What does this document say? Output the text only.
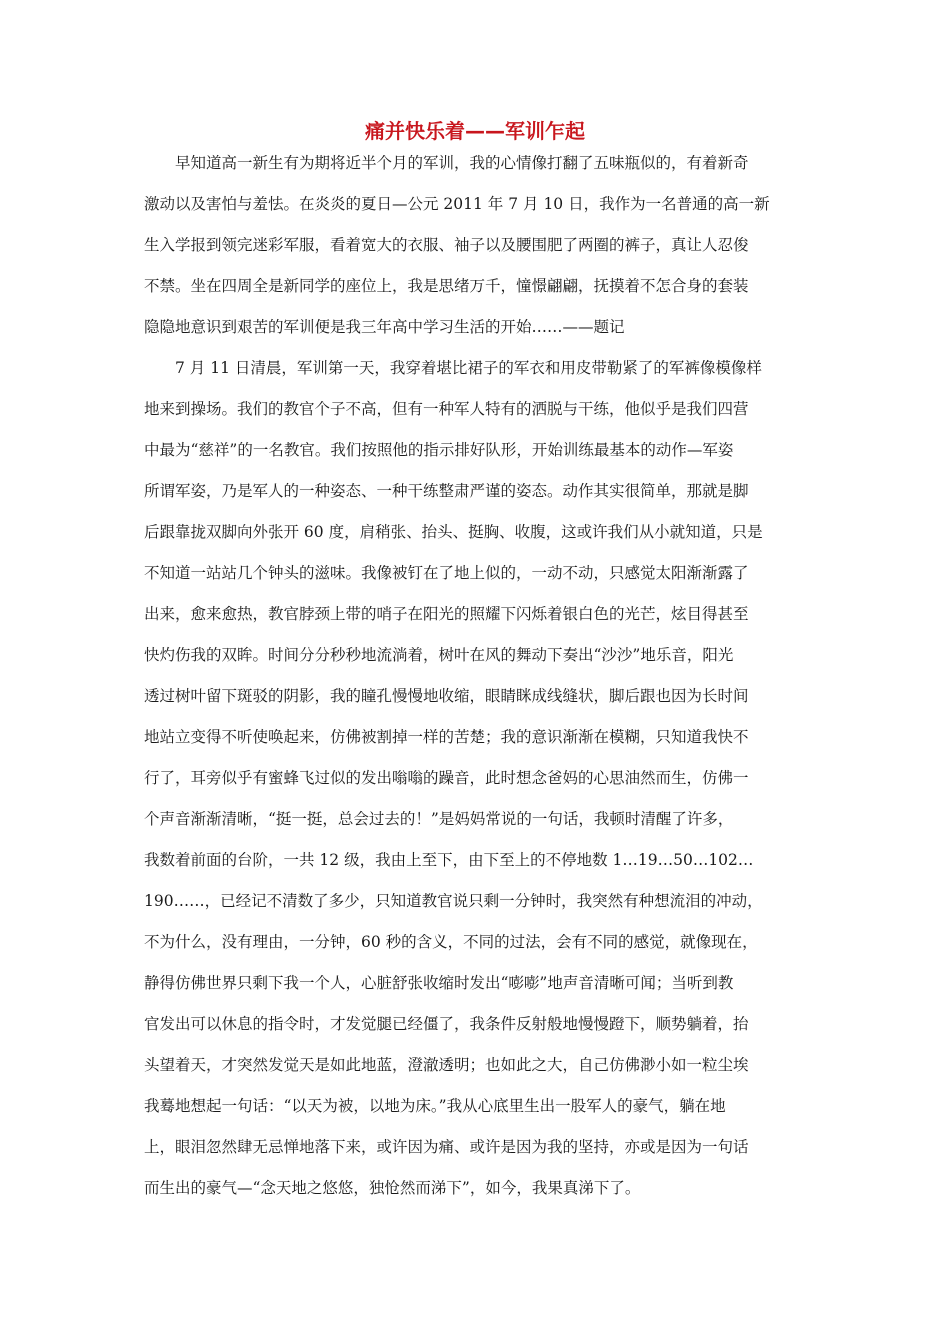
痛并快乐着——军训乍起
早知道高一新生有为期将近半个月的军训，我的心情像打翻了五味瓶似的，有着新奇
激动以及害怕与羞怯。在炎炎的夏日—公元 2011 年 7 月 10 日，我作为一名普通的高一新
生入学报到领完迷彩军服，看着宽大的衣服、袖子以及腰围肥了两圈的裤子，真让人忍俊
不禁。坐在四周全是新同学的座位上，我是思绪万千，憧憬翩翩，抚摸着不怎合身的套装
隐隐地意识到艰苦的军训便是我三年高中学习生活的开始……——题记
7 月 11 日清晨，军训第一天，我穿着堪比裙子的军衣和用皮带勒紧了的军裤像模像样
地来到操场。我们的教官个子不高，但有一种军人特有的洒脱与干练，他似乎是我们四营
中最为“慈祥”的一名教官。我们按照他的指示排好队形，开始训练最基本的动作—军姿
所谓军姿，乃是军人的一种姿态、一种干练整肃严谨的姿态。动作其实很简单，那就是脚
后跟靠拢双脚向外张开 60 度，肩稍张、抬头、挺胸、收腹，这或许我们从小就知道，只是
不知道一站站几个钟头的滋味。我像被钉在了地上似的，一动不动，只感觉太阳渐渐露了
出来，愈来愈热，教官脖颈上带的哨子在阳光的照耀下闪烁着银白色的光芒，炫目得甚至
快灼伤我的双眸。时间分分秒秒地流淌着，树叶在风的舞动下奏出“沙沙”地乐音，阳光
透过树叶留下斑驳的阴影，我的瞳孔慢慢地收缩，眼睛眯成线缝状，脚后跟也因为长时间
地站立变得不听使唤起来，仿佛被割掉一样的苦楚；我的意识渐渐在模糊，只知道我快不
行了，耳旁似乎有蜜蜂飞过似的发出嗡嗡的躁音，此时想念爸妈的心思油然而生，仿佛一
个声音渐渐清晰，“挺一挺，总会过去的！”是妈妈常说的一句话，我顿时清醒了许多，
我数着前面的台阶，一共 12 级，我由上至下，由下至上的不停地数 1…19…50…102…
190……，已经记不清数了多少，只知道教官说只剩一分钟时，我突然有种想流泪的冲动，
不为什么，没有理由，一分钟，60 秒的含义，不同的过法，会有不同的感觉，就像现在，
静得仿佛世界只剩下我一个人，心脏舒张收缩时发出“嘭嘭”地声音清晰可闻；当听到教
官发出可以休息的指令时，才发觉腿已经僵了，我条件反射般地慢慢蹬下，顺势躺着，抬
头望着天，才突然发觉天是如此地蓝，澄澈透明；也如此之大，自己仿佛渺小如一粒尘埃
我蓦地想起一句话：“以天为被，以地为床。”我从心底里生出一股军人的豪气，躺在地
上，眼泪忽然肆无忌惮地落下来，或许因为痛、或许是因为我的坚持，亦或是因为一句话
而生出的豪气—“念天地之悠悠，独怆然而涕下”，如今，我果真涕下了。
